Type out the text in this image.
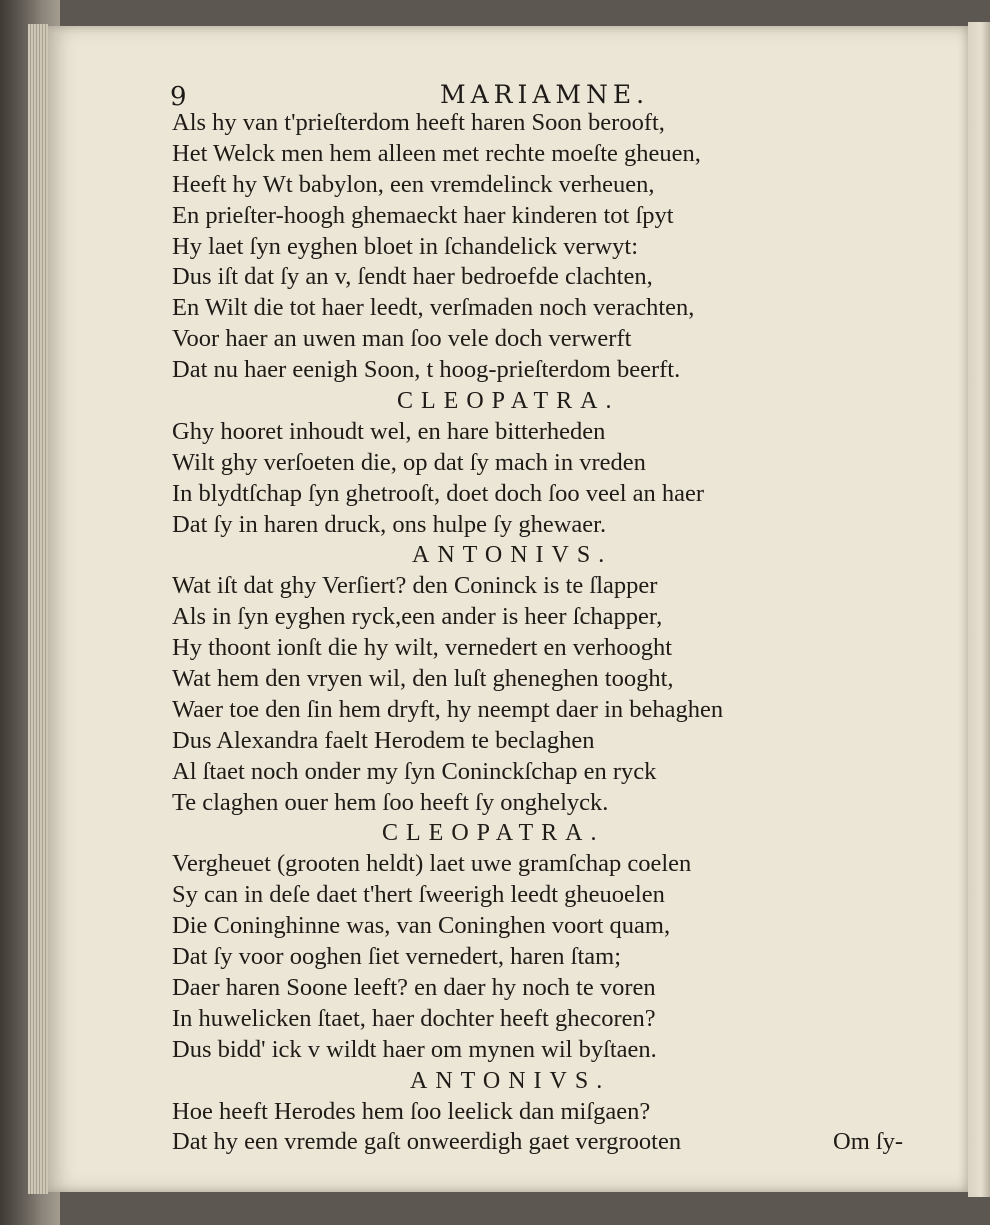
9	MARIAMNE.
Als hy van t'prieſterdom heeft haren Soon berooft,
Het Welck men hem alleen met rechte moeſte gheuen,
Heeft hy Wt babylon, een vremdelinck verheuen,
En prieſter-hoogh ghemaeckt haer kinderen tot ſpyt
Hy laet ſyn eyghen bloet in ſchandelick verwyt:
Dus iſt dat ſy an v, ſendt haer bedroefde clachten,
En Wilt die tot haer leedt, verſmaden noch verachten,
Voor haer an uwen man ſoo vele doch verwerft
Dat nu haer eenigh Soon, t hoog-prieſterdom beerft.
CLEOPATRA.
Ghy hooret inhoudt wel, en hare bitterheden
Wilt ghy verſoeten die, op dat ſy mach in vreden
In blydtſchap ſyn ghetrooſt, doet doch ſoo veel an haer
Dat ſy in haren druck, ons hulpe ſy ghewaer.
ANTONIVS.
Wat iſt dat ghy Verſiert? den Coninck is te ſlapper
Als in ſyn eyghen ryck,een ander is heer ſchapper,
Hy thoont ionſt die hy wilt, vernedert en verhooght
Wat hem den vryen wil, den luſt gheneghen tooght,
Waer toe den ſin hem dryft, hy neempt daer in behaghen
Dus Alexandra faelt Herodem te beclaghen
Al ſtaet noch onder my ſyn Coninckſchap en ryck
Te claghen ouer hem ſoo heeft ſy onghelyck.
CLEOPATRA.
Vergheuet (grooten heldt) laet uwe gramſchap coelen
Sy can in deſe daet t'hert ſweerigh leedt gheuoelen
Die Coninghinne was, van Coninghen voort quam,
Dat ſy voor ooghen ſiet vernedert, haren ſtam;
Daer haren Soone leeft? en daer hy noch te voren
In huwelicken ſtaet, haer dochter heeft ghecoren?
Dus bidd' ick v wildt haer om mynen wil byſtaen.
ANTONIVS.
Hoe heeft Herodes hem ſoo leelick dan miſgaen?
Dat hy een vremde gaſt onweerdigh gaet vergrooten	Om ſy-
